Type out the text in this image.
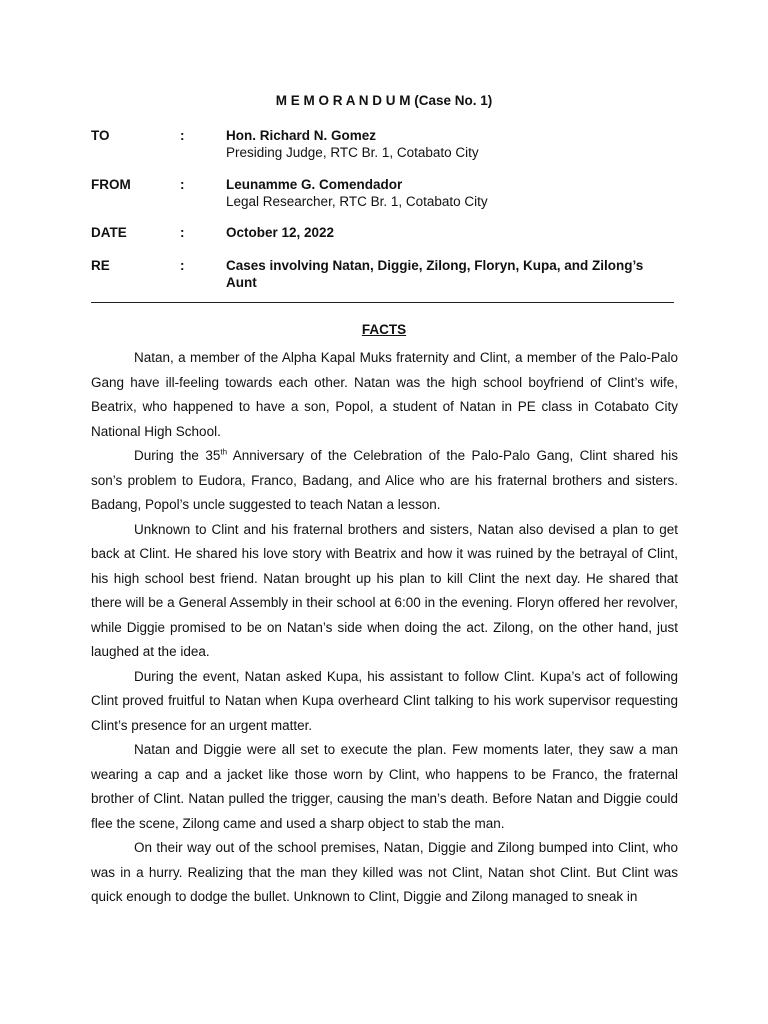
M E M O R A N D U M (Case No. 1)
TO	:	Hon. Richard N. Gomez
Presiding Judge, RTC Br. 1, Cotabato City
FROM	:	Leunamme G. Comendador
Legal Researcher, RTC Br. 1, Cotabato City
DATE	:	October 12, 2022
RE	:	Cases involving Natan, Diggie, Zilong, Floryn, Kupa, and Zilong’s
Aunt
FACTS

Natan, a member of the Alpha Kapal Muks fraternity and Clint, a member of the Palo-Palo Gang have ill-feeling towards each other. Natan was the high school boyfriend of Clint’s wife, Beatrix, who happened to have a son, Popol, a student of Natan in PE class in Cotabato City National High School.

During the 35th Anniversary of the Celebration of the Palo-Palo Gang, Clint shared his son’s problem to Eudora, Franco, Badang, and Alice who are his fraternal brothers and sisters. Badang, Popol’s uncle suggested to teach Natan a lesson.

Unknown to Clint and his fraternal brothers and sisters, Natan also devised a plan to get back at Clint. He shared his love story with Beatrix and how it was ruined by the betrayal of Clint, his high school best friend. Natan brought up his plan to kill Clint the next day. He shared that there will be a General Assembly in their school at 6:00 in the evening. Floryn offered her revolver, while Diggie promised to be on Natan’s side when doing the act. Zilong, on the other hand, just laughed at the idea.

During the event, Natan asked Kupa, his assistant to follow Clint. Kupa’s act of following Clint proved fruitful to Natan when Kupa overheard Clint talking to his work supervisor requesting Clint’s presence for an urgent matter.

Natan and Diggie were all set to execute the plan. Few moments later, they saw a man wearing a cap and a jacket like those worn by Clint, who happens to be Franco, the fraternal brother of Clint. Natan pulled the trigger, causing the man’s death. Before Natan and Diggie could flee the scene, Zilong came and used a sharp object to stab the man.

On their way out of the school premises, Natan, Diggie and Zilong bumped into Clint, who was in a hurry. Realizing that the man they killed was not Clint, Natan shot Clint. But Clint was quick enough to dodge the bullet. Unknown to Clint, Diggie and Zilong managed to sneak in
